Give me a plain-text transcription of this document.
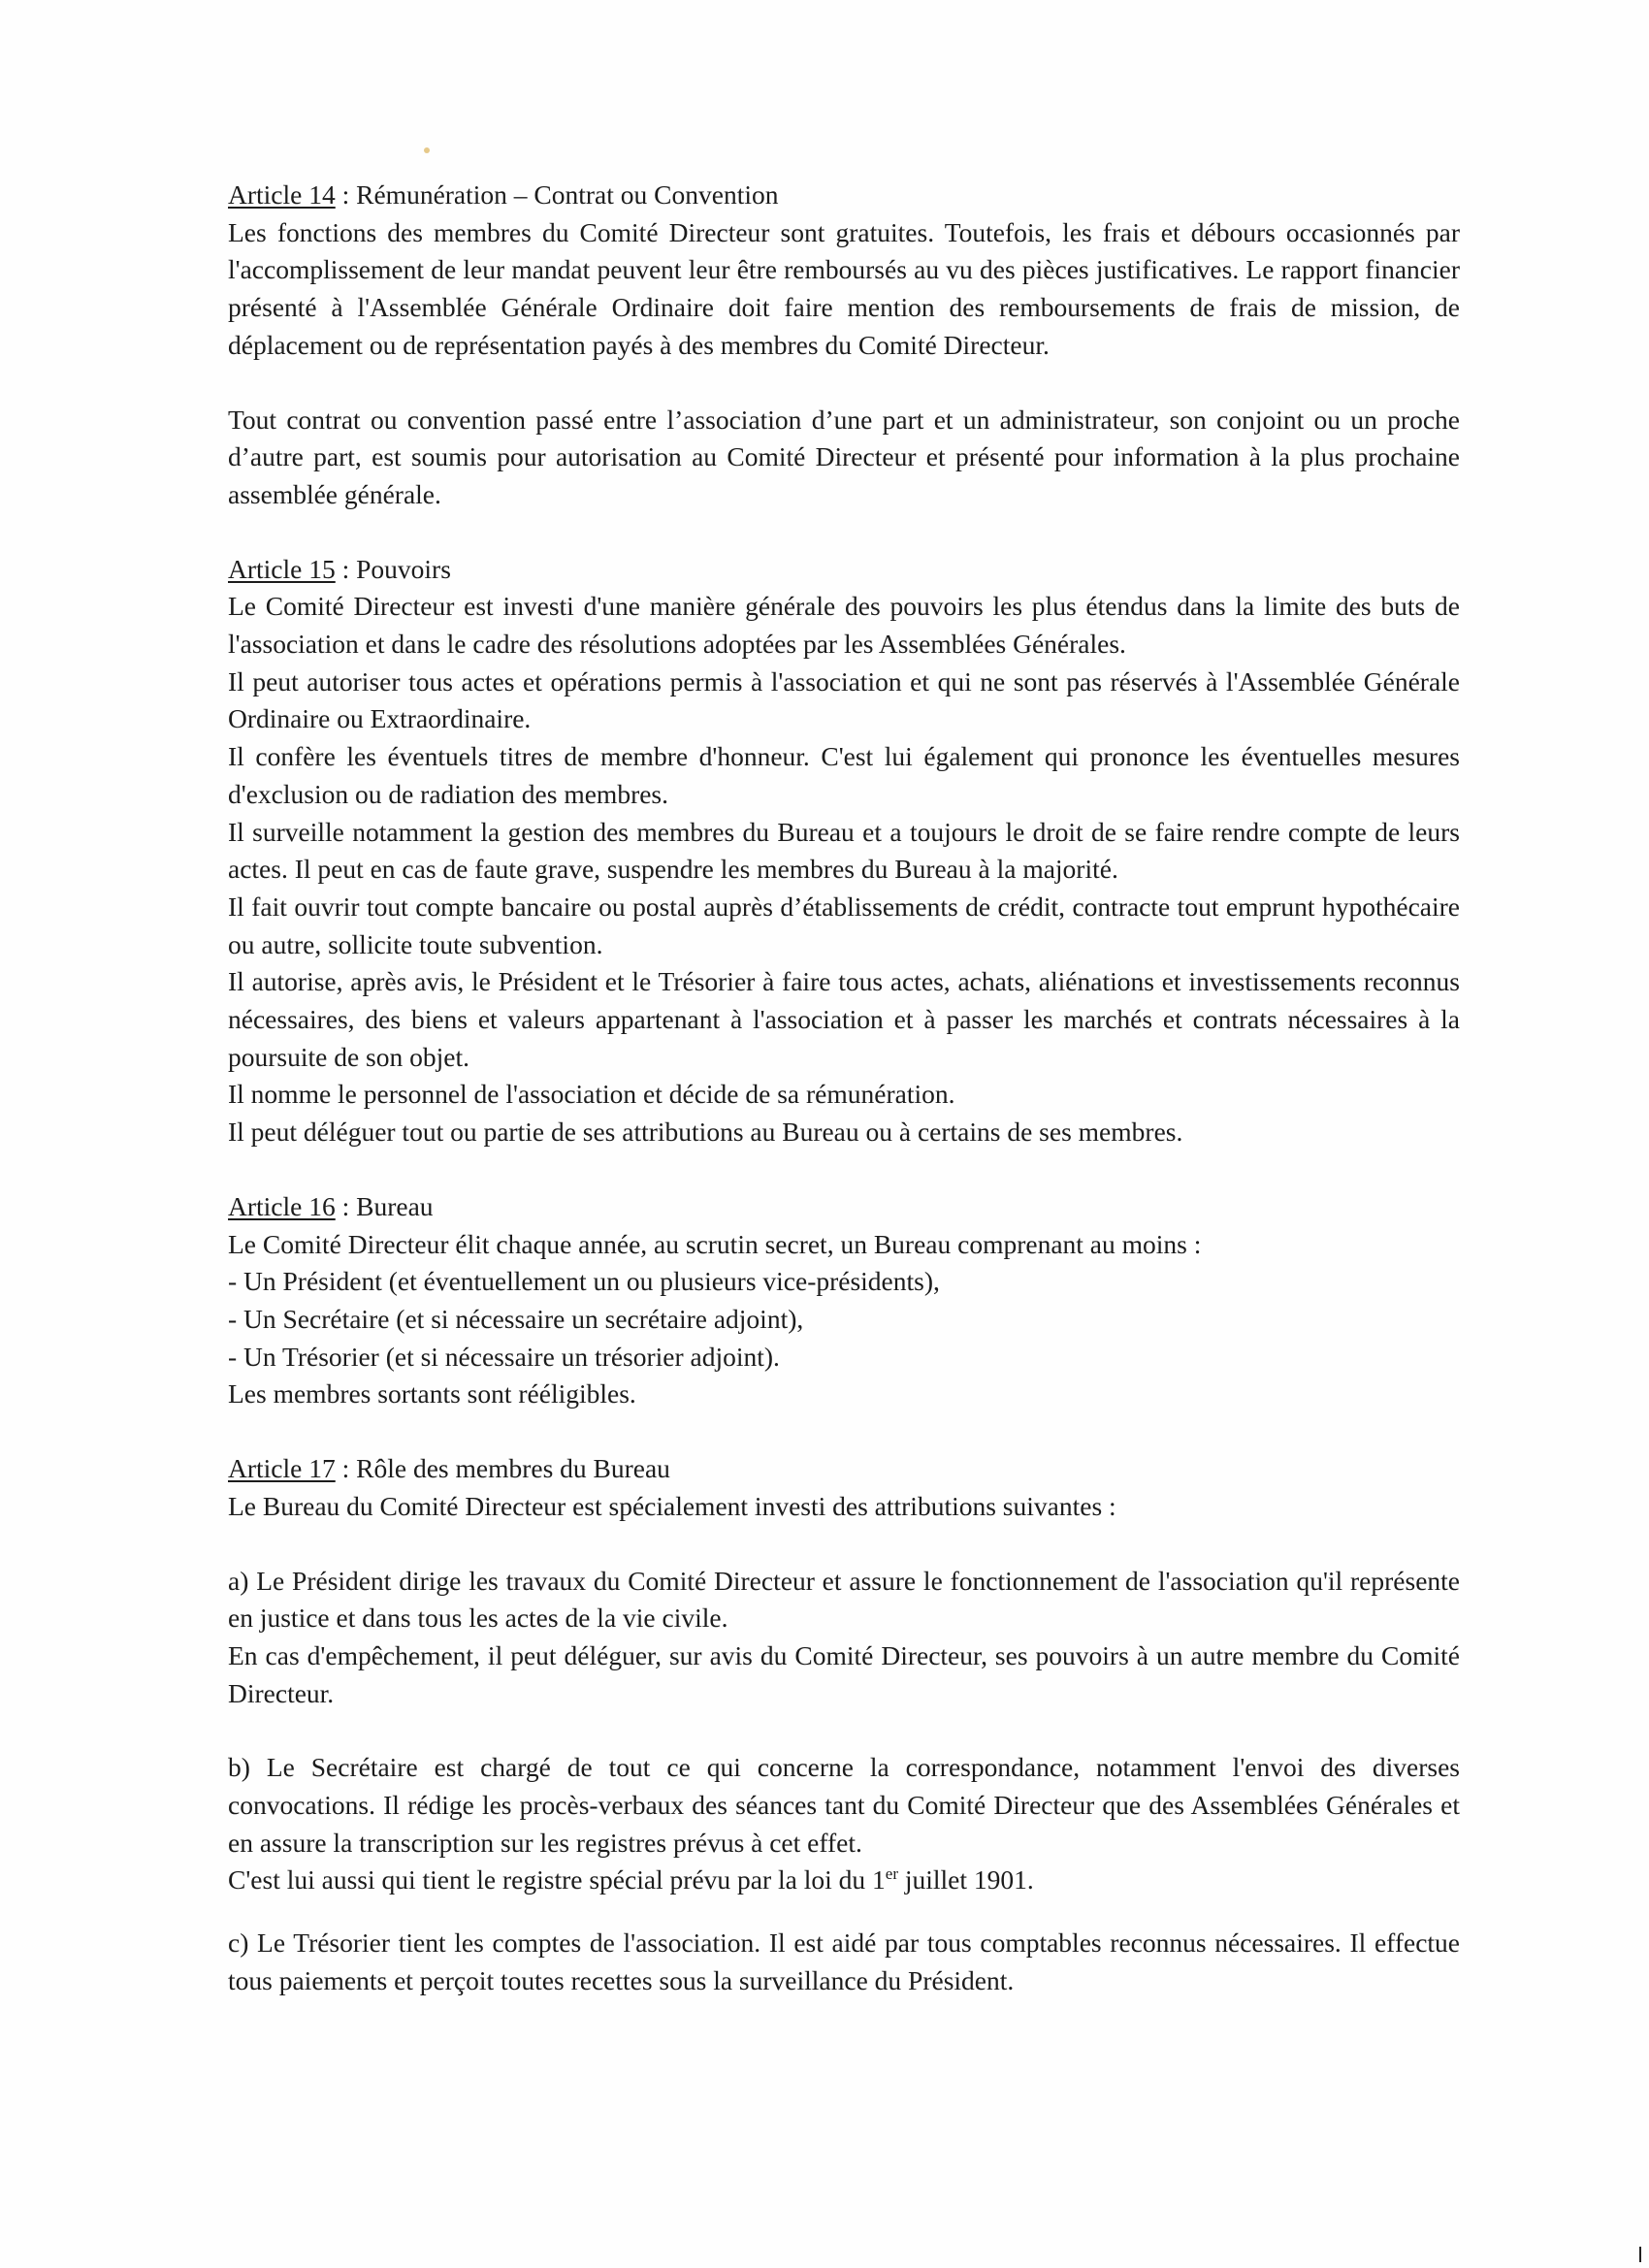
Article 14 : Rémunération – Contrat ou Convention

Les fonctions des membres du Comité Directeur sont gratuites. Toutefois, les frais et débours occasionnés par l'accomplissement de leur mandat peuvent leur être remboursés au vu des pièces justificatives. Le rapport financier présenté à l'Assemblée Générale Ordinaire doit faire mention des remboursements de frais de mission, de déplacement ou de représentation payés à des membres du Comité Directeur.

Tout contrat ou convention passé entre l’association d’une part et un administrateur, son conjoint ou un proche d’autre part, est soumis pour autorisation au Comité Directeur et présenté pour information à la plus prochaine assemblée générale.

Article 15 : Pouvoirs

Le Comité Directeur est investi d'une manière générale des pouvoirs les plus étendus dans la limite des buts de l'association et dans le cadre des résolutions adoptées par les Assemblées Générales.

Il peut autoriser tous actes et opérations permis à l'association et qui ne sont pas réservés à l'Assemblée Générale Ordinaire ou Extraordinaire.

Il confère les éventuels titres de membre d'honneur. C'est lui également qui prononce les éventuelles mesures d'exclusion ou de radiation des membres.

Il surveille notamment la gestion des membres du Bureau et a toujours le droit de se faire rendre compte de leurs actes. Il peut en cas de faute grave, suspendre les membres du Bureau à la majorité.

Il fait ouvrir tout compte bancaire ou postal auprès d’établissements de crédit, contracte tout emprunt hypothécaire ou autre, sollicite toute subvention.

Il autorise, après avis, le Président et le Trésorier à faire tous actes, achats, aliénations et investissements reconnus nécessaires, des biens et valeurs appartenant à l'association et à passer les marchés et contrats nécessaires à la poursuite de son objet.

Il nomme le personnel de l'association et décide de sa rémunération.

Il peut déléguer tout ou partie de ses attributions au Bureau ou à certains de ses membres.

Article 16 : Bureau

Le Comité Directeur élit chaque année, au scrutin secret, un Bureau comprenant au moins :

- Un Président (et éventuellement un ou plusieurs vice-présidents),
- Un Secrétaire (et si nécessaire un secrétaire adjoint),
- Un Trésorier (et si nécessaire un trésorier adjoint).

Les membres sortants sont rééligibles.

Article 17 : Rôle des membres du Bureau

Le Bureau du Comité Directeur est spécialement investi des attributions suivantes :

a) Le Président dirige les travaux du Comité Directeur et assure le fonctionnement de l'association qu'il représente en justice et dans tous les actes de la vie civile.

En cas d'empêchement, il peut déléguer, sur avis du Comité Directeur, ses pouvoirs à un autre membre du Comité Directeur.

b) Le Secrétaire est chargé de tout ce qui concerne la correspondance, notamment l'envoi des diverses convocations. Il rédige les procès-verbaux des séances tant du Comité Directeur que des Assemblées Générales et en assure la transcription sur les registres prévus à cet effet.

C'est lui aussi qui tient le registre spécial prévu par la loi du 1er juillet 1901.

c) Le Trésorier tient les comptes de l'association. Il est aidé par tous comptables reconnus nécessaires. Il effectue tous paiements et perçoit toutes recettes sous la surveillance du Président.
